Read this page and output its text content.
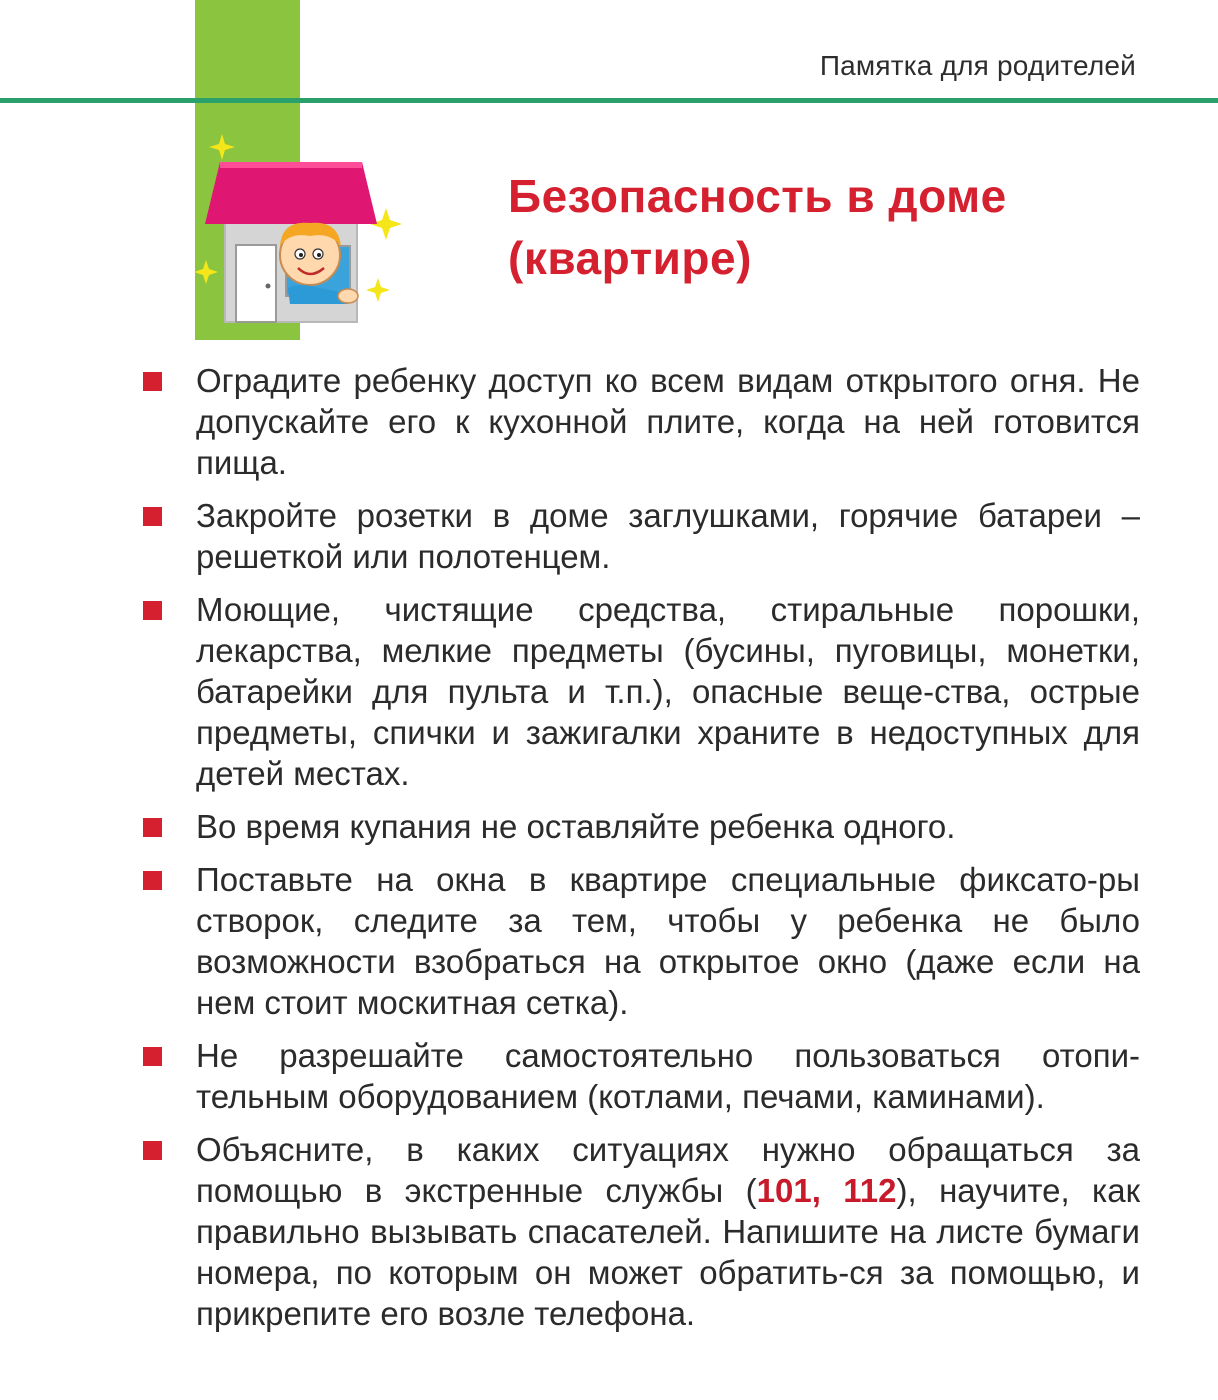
Памятка для родителей
Безопасность в доме
(квартире)
Оградите ребенку доступ ко всем видам открытого огня. Не допускайте его к кухонной плите, когда на ней готовится пища.
Закройте розетки в доме заглушками, горячие батареи – решеткой или полотенцем.
Моющие, чистящие средства, стиральные порошки, лекарства, мелкие предметы (бусины, пуговицы, монетки, батарейки для пульта и т.п.), опасные веще-ства, острые предметы, спички и зажигалки храните в недоступных для детей местах.
Во время купания не оставляйте ребенка одного.
Поставьте на окна в квартире специальные фиксато-ры створок, следите за тем, чтобы у ребенка не было возможности взобраться на открытое окно (даже если на нем стоит москитная сетка).
Не разрешайте самостоятельно пользоваться отопи-тельным оборудованием (котлами, печами, каминами).
Объясните, в каких ситуациях нужно обращаться за помощью в экстренные службы (101, 112), научите, как правильно вызывать спасателей. Напишите на листе бумаги номера, по которым он может обратить-ся за помощью, и прикрепите его возле телефона.
